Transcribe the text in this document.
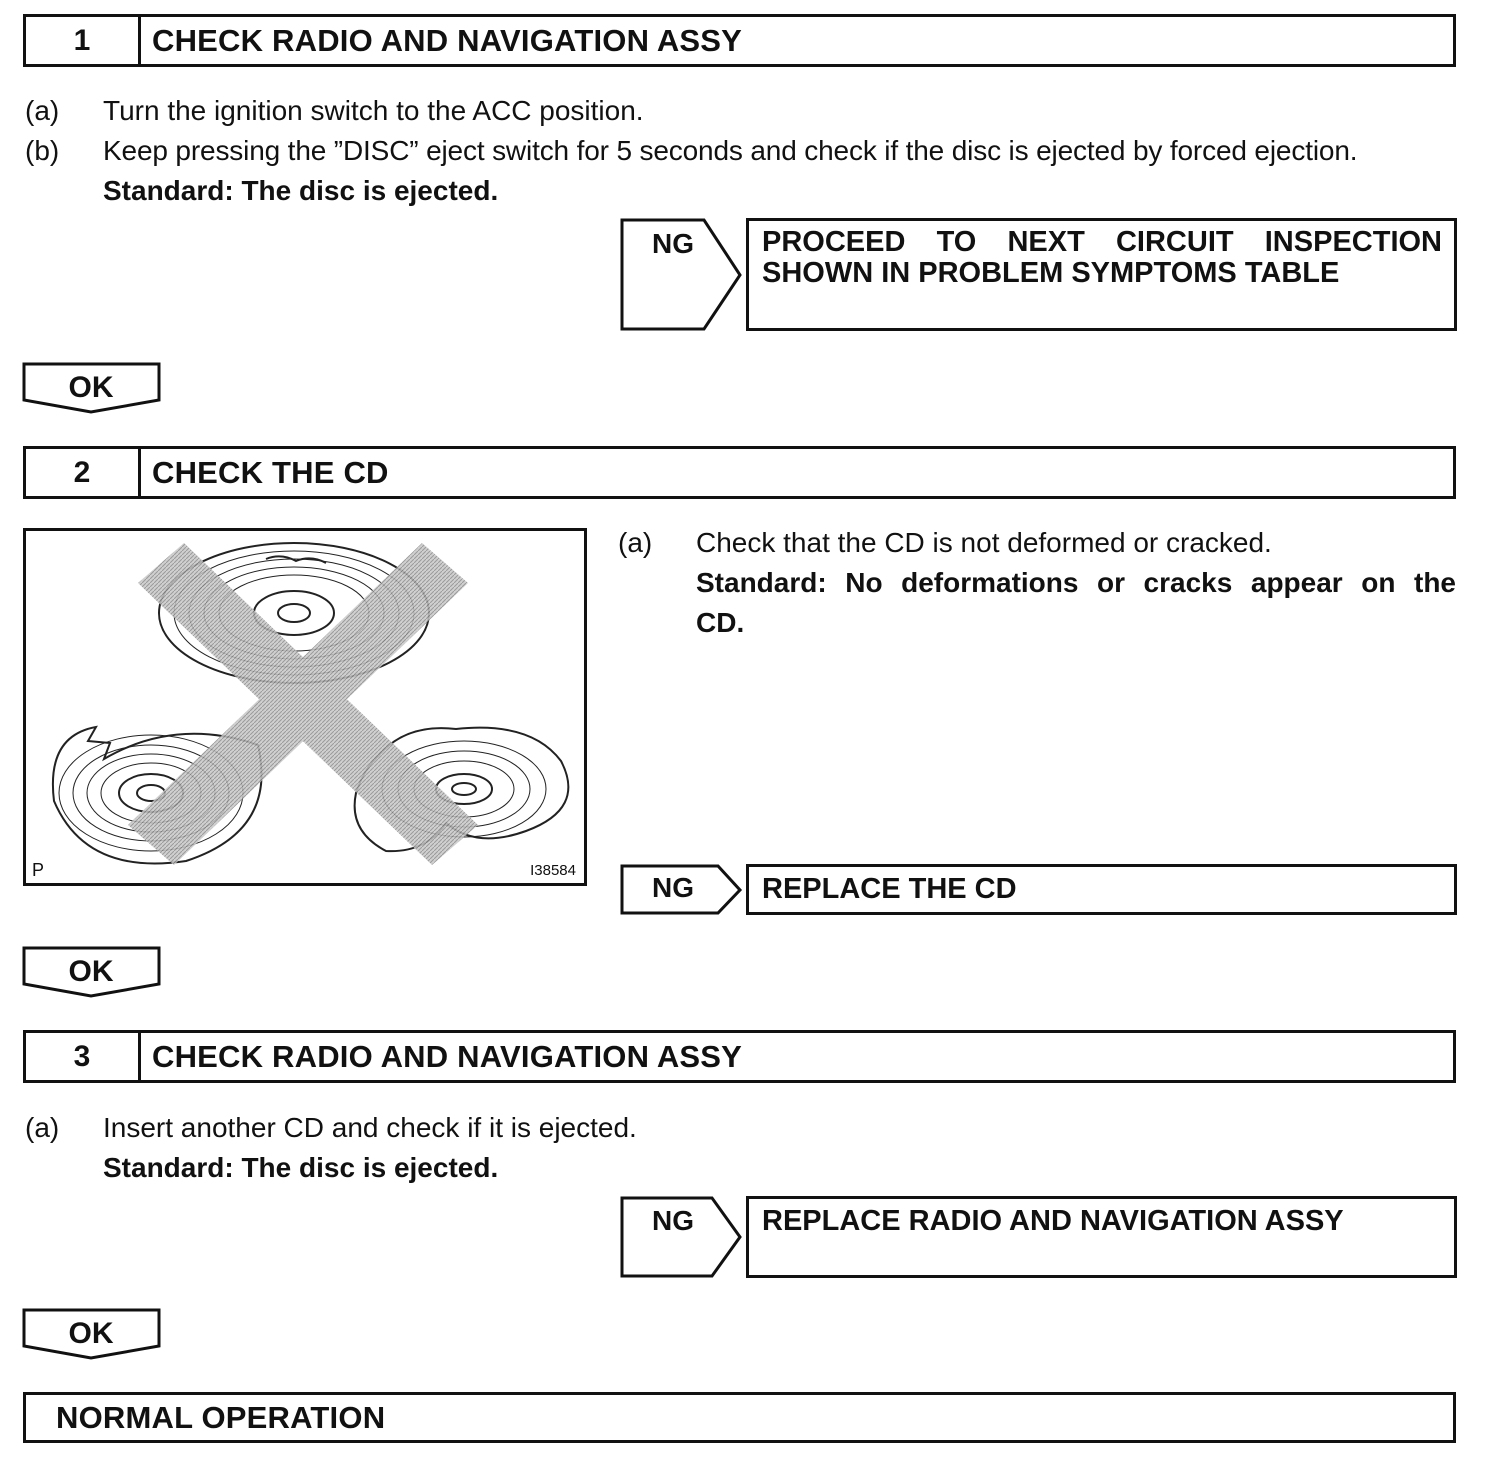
1	CHECK RADIO AND NAVIGATION ASSY
(a) Turn the ignition switch to the ACC position.
(b) Keep pressing the ”DISC” eject switch for 5 seconds and check if the disc is ejected by forced ejection.
Standard: The disc is ejected.
NG PROCEED TO NEXT CIRCUIT INSPECTION
SHOWN IN PROBLEM SYMPTOMS TABLE
OK
2	CHECK THE CD
P	I38584
(a) Check that the CD is not deformed or cracked.
Standard: No deformations or cracks appear on the
CD.
NG REPLACE THE CD
OK
3	CHECK RADIO AND NAVIGATION ASSY
(a) Insert another CD and check if it is ejected.
Standard: The disc is ejected.
NG REPLACE RADIO AND NAVIGATION ASSY
OK
NORMAL OPERATION
